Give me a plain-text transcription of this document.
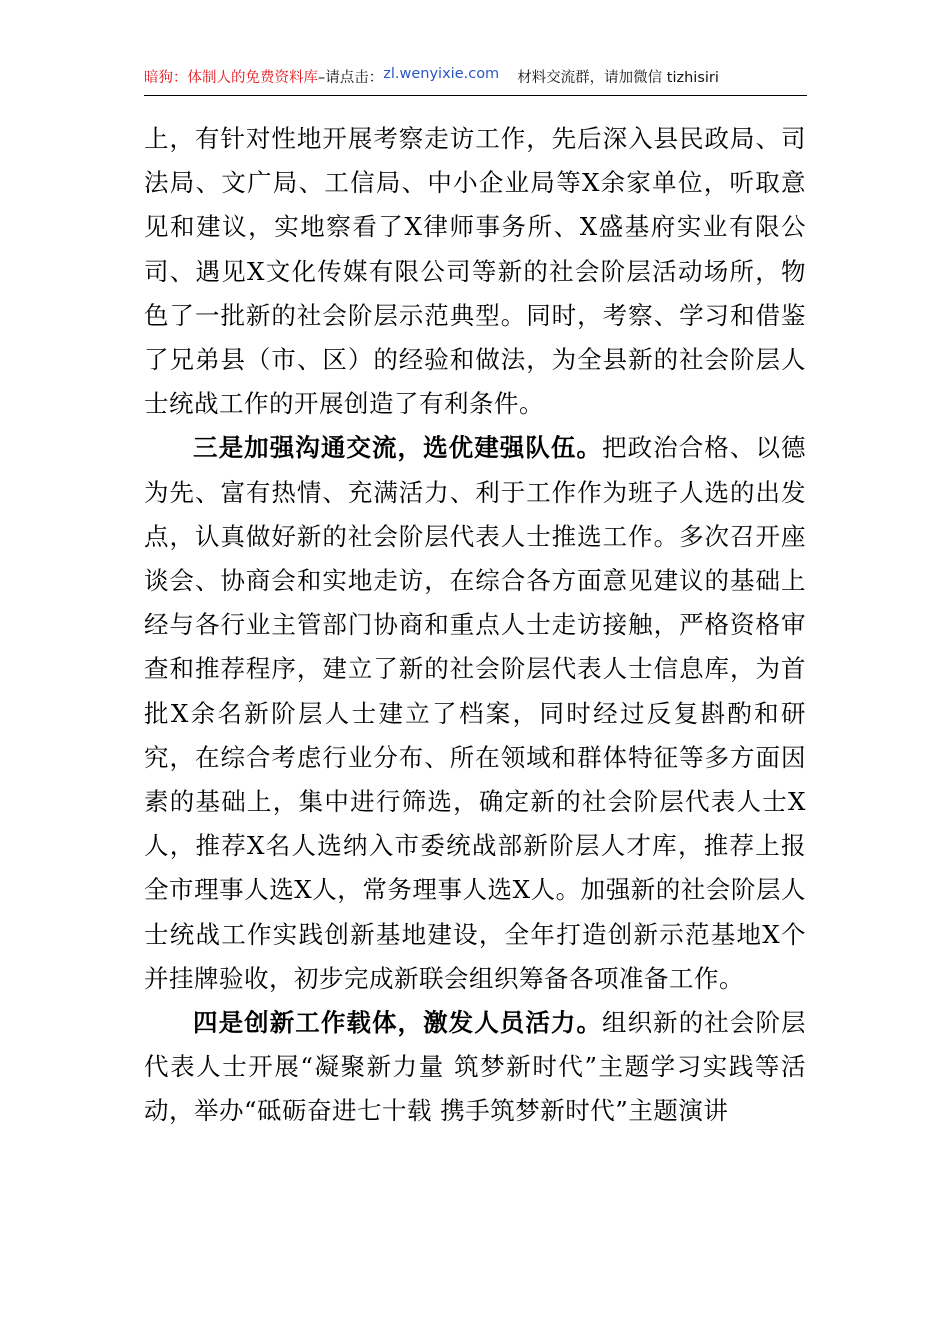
暗狗：体制人的免费资料库 –请点击： zl.wenyixie.com 材料交流群，请加微信 tizhisiri

上，有针对性地开展考察走访工作，先后深入县民政局、司法局、文广局、工信局、中小企业局等X余家单位，听取意见和建议，实地察看了X律师事务所、X盛基府实业有限公司、遇见X文化传媒有限公司等新的社会阶层活动场所，物色了一批新的社会阶层示范典型。同时，考察、学习和借鉴了兄弟县（市、区）的经验和做法，为全县新的社会阶层人士统战工作的开展创造了有利条件。

三是加强沟通交流，选优建强队伍。把政治合格、以德为先、富有热情、充满活力、利于工作作为班子人选的出发点，认真做好新的社会阶层代表人士推选工作。多次召开座谈会、协商会和实地走访，在综合各方面意见建议的基础上经与各行业主管部门协商和重点人士走访接触，严格资格审查和推荐程序，建立了新的社会阶层代表人士信息库，为首批X余名新阶层人士建立了档案，同时经过反复斟酌和研究，在综合考虑行业分布、所在领域和群体特征等多方面因素的基础上，集中进行筛选，确定新的社会阶层代表人士X人，推荐X名人选纳入市委统战部新阶层人才库，推荐上报全市理事人选X人，常务理事人选X人。加强新的社会阶层人士统战工作实践创新基地建设，全年打造创新示范基地X个并挂牌验收，初步完成新联会组织筹备各项准备工作。

四是创新工作载体，激发人员活力。组织新的社会阶层代表人士开展“凝聚新力量 筑梦新时代”主题学习实践等活动，举办“砥砺奋进七十载 携手筑梦新时代”主题演讲
